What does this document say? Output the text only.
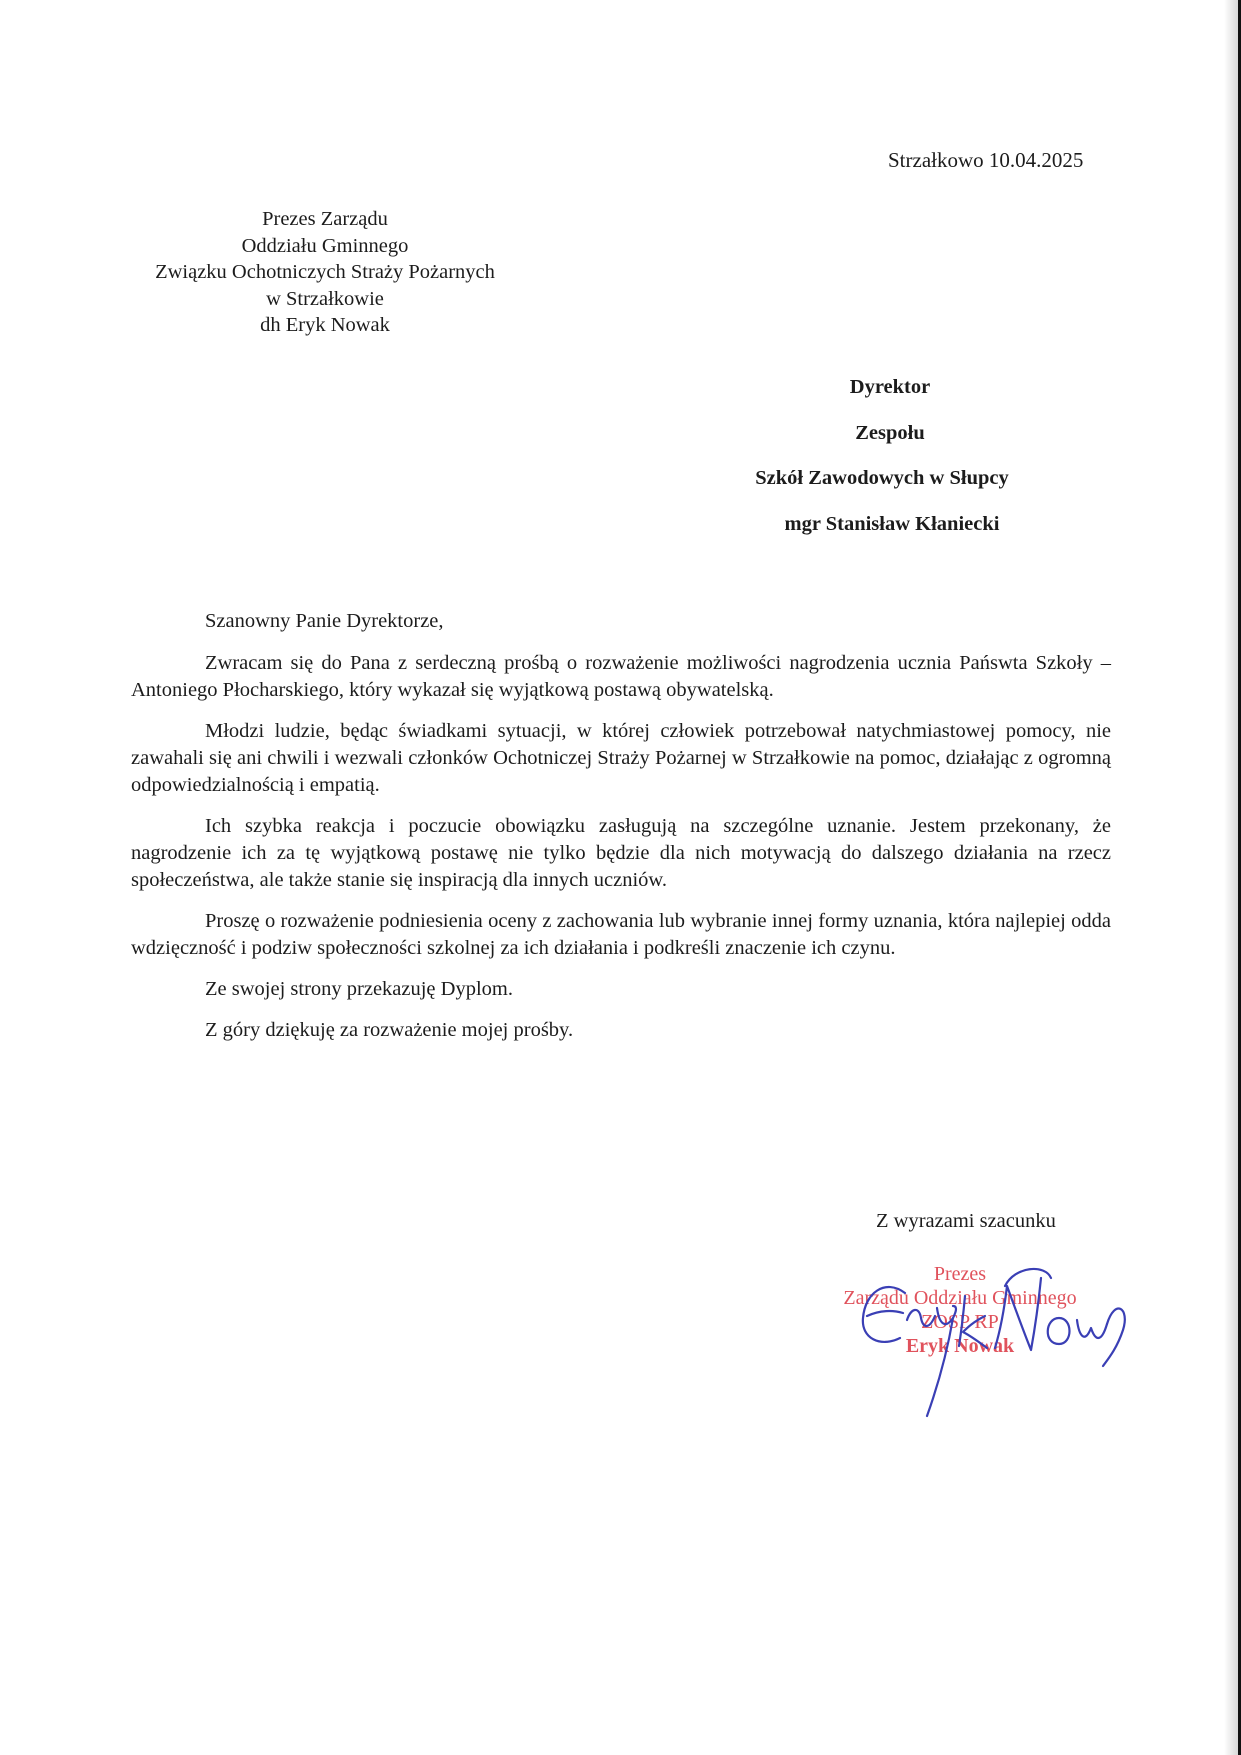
Strzałkowo 10.04.2025
Prezes Zarządu
Oddziału Gminnego
Związku Ochotniczych Straży Pożarnych
w Strzałkowie
dh Eryk Nowak
Dyrektor
Zespołu
Szkół Zawodowych w Słupcy
mgr Stanisław Kłaniecki
Szanowny Panie Dyrektorze,

Zwracam się do Pana z serdeczną prośbą o rozważenie możliwości nagrodzenia ucznia Pańswta Szkoły –Antoniego Płocharskiego, który wykazał się wyjątkową postawą obywatelską.

Młodzi ludzie, będąc świadkami sytuacji, w której człowiek potrzebował natychmiastowej pomocy, nie zawahali się ani chwili i wezwali członków Ochotniczej Straży Pożarnej w Strzałkowie na pomoc, działając z ogromną odpowiedzialnością i empatią.

Ich szybka reakcja i poczucie obowiązku zasługują na szczególne uznanie. Jestem przekonany, że nagrodzenie ich za tę wyjątkową postawę nie tylko będzie dla nich motywacją do dalszego działania na rzecz społeczeństwa, ale także stanie się inspiracją dla innych uczniów.

Proszę o rozważenie podniesienia oceny z zachowania lub wybranie innej formy uznania, która najlepiej odda wdzięczność i podziw społeczności szkolnej za ich działania i podkreśli znaczenie ich czynu.

Ze swojej strony przekazuję Dyplom.

Z góry dziękuję za rozważenie mojej prośby.

Z wyrazami szacunku
Prezes
Zarządu Oddziału Gminnego
ZOSP RP
Eryk Nowak
